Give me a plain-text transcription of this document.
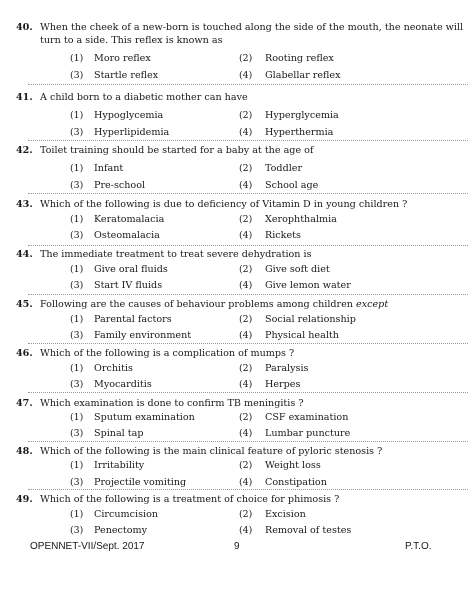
40. When the cheek of a new-born is touched along the side of the mouth, the neonate will
turn to a side. This reflex is known as
(1) Moro reflex	(2) Rooting reflex
(3) Startle reflex	(4) Glabellar reflex
41. A child born to a diabetic mother can have
(1) Hypoglycemia	(2) Hyperglycemia
(3) Hyperlipidemia	(4) Hyperthermia
42. Toilet training should be started for a baby at the age of
(1) Infant	(2) Toddler
(3) Pre-school	(4) School age
43. Which of the following is due to deficiency of Vitamin D in young children ?
(1) Keratomalacia	(2) Xerophthalmia
(3) Osteomalacia	(4) Rickets
44. The immediate treatment to treat severe dehydration is
(1) Give oral fluids	(2) Give soft diet
(3) Start IV fluids	(4) Give lemon water
45. Following are the causes of behaviour problems among children except
(1) Parental factors	(2) Social relationship
(3) Family environment	(4) Physical health
46. Which of the following is a complication of mumps ?
(1) Orchitis	(2) Paralysis
(3) Myocarditis	(4) Herpes
47. Which examination is done to confirm TB meningitis ?
(1) Sputum examination	(2) CSF examination
(3) Spinal tap	(4) Lumbar puncture
48. Which of the following is the main clinical feature of pyloric stenosis ?
(1) Irritability	(2) Weight loss
(3) Projectile vomiting	(4) Constipation
49. Which of the following is a treatment of choice for phimosis ?
(1) Circumcision	(2) Excision
(3) Penectomy	(4) Removal of testes
OPENNET-VII/Sept. 2017	9	P.T.O.
